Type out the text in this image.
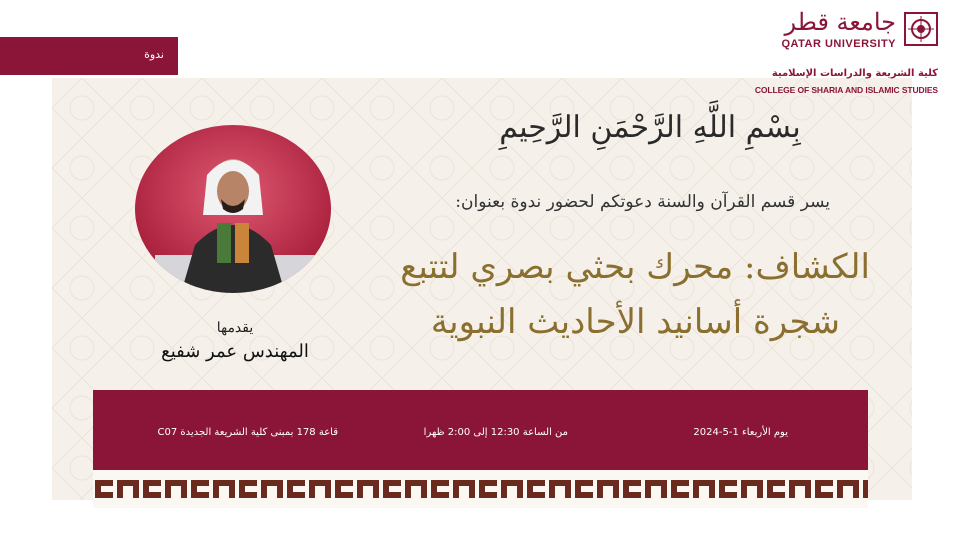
ندوة
جامعة قطر
QATAR UNIVERSITY
كلية الشريعة والدراسات الإسلامية
COLLEGE OF SHARIA AND ISLAMIC STUDIES
يقدمها
المهندس عمر شفيع
بِسْمِ اللَّهِ الرَّحْمَنِ الرَّحِيمِ
يسر قسم القرآن والسنة دعوتكم لحضور ندوة بعنوان:
الكشاف: محرك بحثي بصري لتتبع
شجرة أسانيد الأحاديث النبوية
يوم الأربعاء 1-5-2024
من الساعة 12:30 إلى 2:00 ظهرا
قاعة 178 بمبنى كلية الشريعة الجديدة C07
